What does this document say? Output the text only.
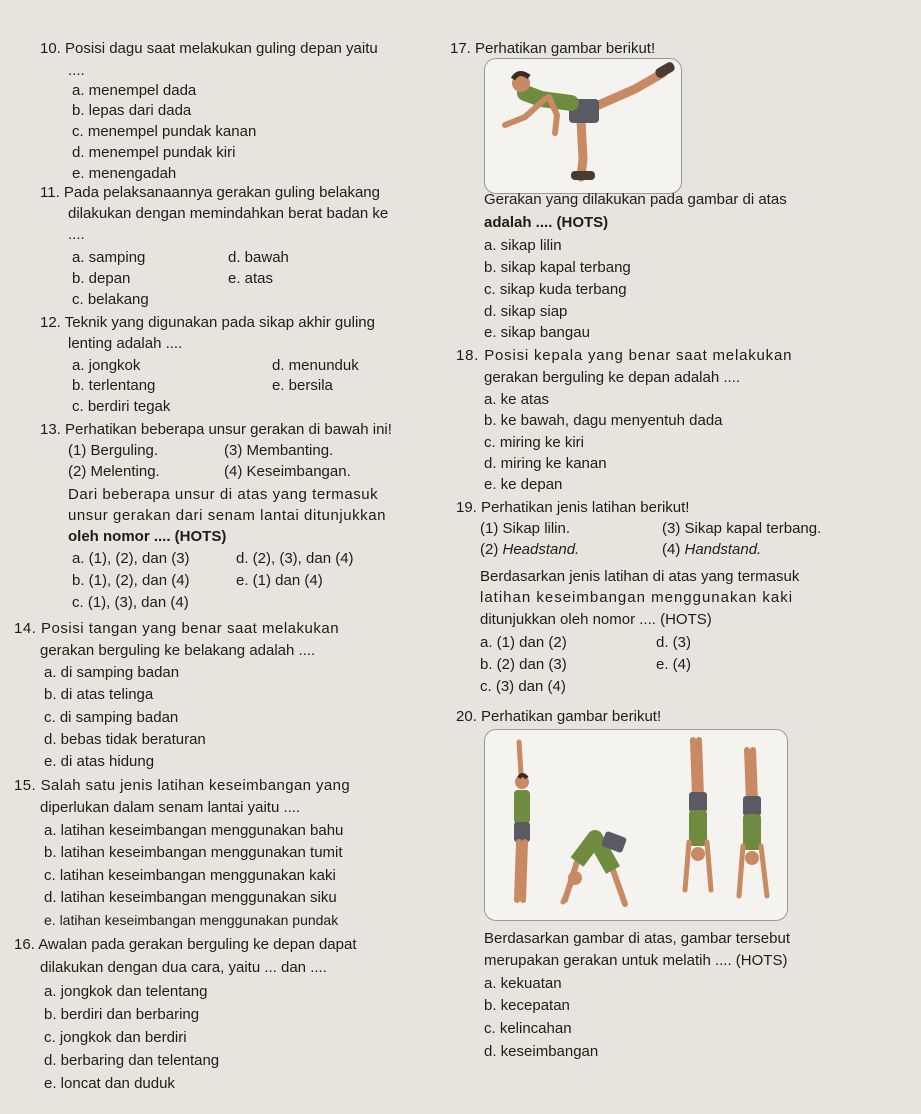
10. Posisi dagu saat melakukan guling depan yaitu
....
a. menempel dada
b. lepas dari dada
c. menempel pundak kanan
d. menempel pundak kiri
e. menengadah
11. Pada pelaksanaannya gerakan guling belakang
dilakukan dengan memindahkan berat badan ke
....
a. samping	d. bawah
b. depan	e. atas
c. belakang
12. Teknik yang digunakan pada sikap akhir guling
lenting adalah ....
a. jongkok	d. menunduk
b. terlentang	e. bersila
c. berdiri tegak
13. Perhatikan beberapa unsur gerakan di bawah ini!
(1) Berguling.	(3) Membanting.
(2) Melenting.	(4) Keseimbangan.
Dari beberapa unsur di atas yang termasuk
unsur gerakan dari senam lantai ditunjukkan
oleh nomor .... (HOTS)
a. (1), (2), dan (3)	d. (2), (3), dan (4)
b. (1), (2), dan (4)	e. (1) dan (4)
c. (1), (3), dan (4)
14. Posisi tangan yang benar saat melakukan
gerakan berguling ke belakang adalah ....
a. di samping badan
b. di atas telinga
c. di samping badan
d. bebas tidak beraturan
e. di atas hidung
15. Salah satu jenis latihan keseimbangan yang
diperlukan dalam senam lantai yaitu ....
a. latihan keseimbangan menggunakan bahu
b. latihan keseimbangan menggunakan tumit
c. latihan keseimbangan menggunakan kaki
d. latihan keseimbangan menggunakan siku
e. latihan keseimbangan menggunakan pundak
16. Awalan pada gerakan berguling ke depan dapat
dilakukan dengan dua cara, yaitu ... dan ....
a. jongkok dan telentang
b. berdiri dan berbaring
c. jongkok dan berdiri
d. berbaring dan telentang
e. loncat dan duduk
17. Perhatikan gambar berikut!
Gerakan yang dilakukan pada gambar di atas
adalah .... (HOTS)
a. sikap lilin
b. sikap kapal terbang
c. sikap kuda terbang
d. sikap siap
e. sikap bangau
18. Posisi kepala yang benar saat melakukan
gerakan berguling ke depan adalah ....
a. ke atas
b. ke bawah, dagu menyentuh dada
c. miring ke kiri
d. miring ke kanan
e. ke depan
19. Perhatikan jenis latihan berikut!
(1) Sikap lilin.	(3) Sikap kapal terbang.
(2) Headstand.	(4) Handstand.
Berdasarkan jenis latihan di atas yang termasuk
latihan keseimbangan menggunakan kaki
ditunjukkan oleh nomor .... (HOTS)
a. (1) dan (2)	d. (3)
b. (2) dan (3)	e. (4)
c. (3) dan (4)
20. Perhatikan gambar berikut!
Berdasarkan gambar di atas, gambar tersebut
merupakan gerakan untuk melatih .... (HOTS)
a. kekuatan
b. kecepatan
c. kelincahan
d. keseimbangan
